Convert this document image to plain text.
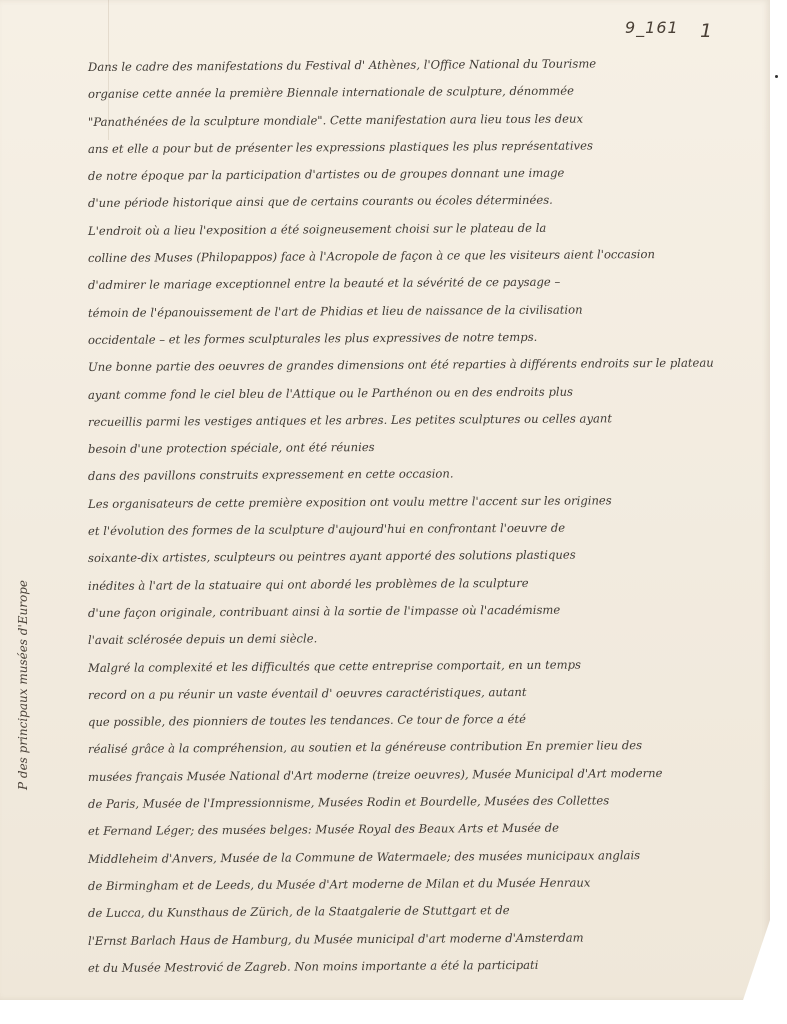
9_161 1
Dans le cadre des manifestations du Festival d' Athènes, l'Office National du Tourisme
organise cette année la première Biennale internationale de sculpture, dénommée
"Panathénées de la sculpture mondiale". Cette manifestation aura lieu tous les deux
ans et elle a pour but de présenter les expressions plastiques les plus représentatives
de notre époque par la participation d'artistes ou de groupes donnant une image
d'une période historique ainsi que de certains courants ou écoles déterminées.
L'endroit où a lieu l'exposition a été soigneusement choisi sur le plateau de la
colline des Muses (Philopappos) face à l'Acropole de façon à ce que les visiteurs aient l'occasion
d'admirer le mariage exceptionnel entre la beauté et la sévérité de ce paysage –
témoin de l'épanouissement de l'art de Phidias et lieu de naissance de la civilisation
occidentale – et les formes sculpturales les plus expressives de notre temps.
Une bonne partie des oeuvres de grandes dimensions ont été reparties à différents endroits sur le plateau
ayant comme fond le ciel bleu de l'Attique ou le Parthénon ou en des endroits plus
recueillis parmi les vestiges antiques et les arbres. Les petites sculptures ou celles ayant
besoin d'une protection spéciale, ont été réunies
dans des pavillons construits expressement en cette occasion.
Les organisateurs de cette première exposition ont voulu mettre l'accent sur les origines
et l'évolution des formes de la sculpture d'aujourd'hui en confrontant l'oeuvre de
soixante-dix artistes, sculpteurs ou peintres ayant apporté des solutions plastiques
inédites à l'art de la statuaire qui ont abordé les problèmes de la sculpture
d'une façon originale, contribuant ainsi à la sortie de l'impasse où l'académisme
l'avait sclérosée depuis un demi siècle.
Malgré la complexité et les difficultés que cette entreprise comportait, en un temps
record on a pu réunir un vaste éventail d' oeuvres caractéristiques, autant
que possible, des pionniers de toutes les tendances. Ce tour de force a été
réalisé grâce à la compréhension, au soutien et la généreuse contribution En premier lieu des
musées français Musée National d'Art moderne (treize oeuvres), Musée Municipal d'Art moderne
de Paris, Musée de l'Impressionnisme, Musées Rodin et Bourdelle, Musées des Collettes
et Fernand Léger; des musées belges: Musée Royal des Beaux Arts et Musée de
Middleheim d'Anvers, Musée de la Commune de Watermaele; des musées municipaux anglais
de Birmingham et de Leeds, du Musée d'Art moderne de Milan et du Musée Henraux
de Lucca, du Kunsthaus de Zürich, de la Staatgalerie de Stuttgart et de
l'Ernst Barlach Haus de Hamburg, du Musée municipal d'art moderne d'Amsterdam
et du Musée Mestrović de Zagreb. Non moins importante a été la participati
P des principaux musées d'Europe
